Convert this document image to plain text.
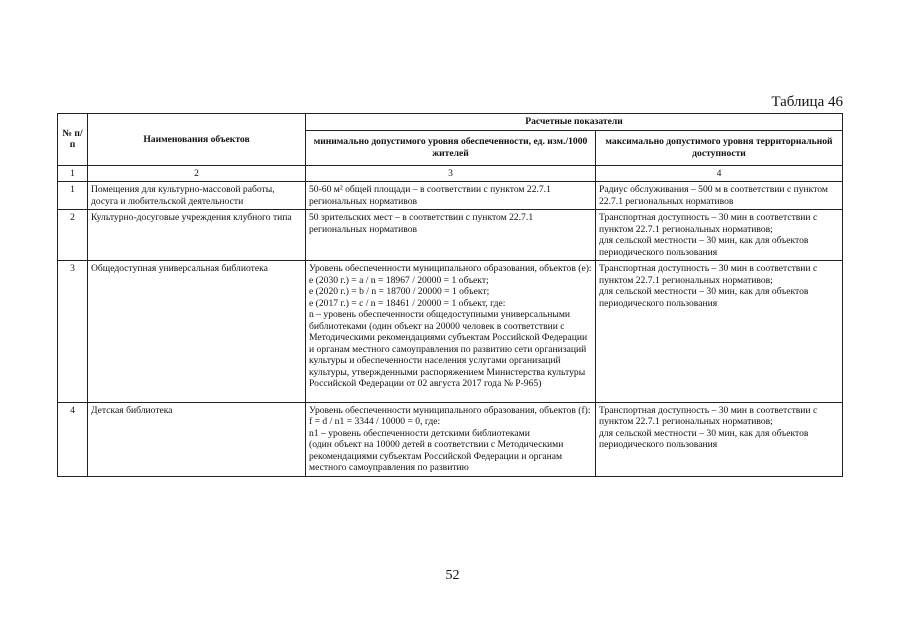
Таблица 46
№ п/п	Наименования объектов	Расчетные показатели	
		минимально допустимого уровня обеспеченности, ед. изм./1000 жителей	максимально допустимого уровня территориальной доступности
1	2	3	4
1	Помещения для культурно-массовой работы, досуга и любительской деятельности	50-60 м² общей площади – в соответствии с пунктом 22.7.1 региональных нормативов	Радиус обслуживания – 500 м в соответствии с пунктом 22.7.1 региональных нормативов

2	Культурно-досуговые учреждения клубного типа	50 зрительских мест – в соответствии с пунктом 22.7.1 региональных нормативов	Транспортная доступность – 30 мин в соответствии с пунктом 22.7.1 региональных нормативов;
для сельской местности – 30 мин, как для объектов периодического пользования

3	Общедоступная универсальная библиотека	Уровень обеспеченности муниципального образования, объектов (e):
e (2030 г.) = a / n = 18967 / 20000 = 1 объект;
e (2020 г.) = b / n = 18700 / 20000 = 1 объект;
e (2017 г.) = c / n = 18461 / 20000 = 1 объект, где:
n – уровень обеспеченности общедоступными универсальными библиотеками (один объект на 20000 человек в соответствии с Методическими рекомендациями субъектам Российской Федерации и органам местного самоуправления по развитию сети организаций культуры и обеспеченности населения услугами организаций культуры, утвержденными распоряжением Министерства культуры Российской Федерации от 02 августа 2017 года № Р-965)	Транспортная доступность – 30 мин в соответствии с пунктом 22.7.1 региональных нормативов;
для сельской местности – 30 мин, как для объектов периодического пользования

4	Детская библиотека	Уровень обеспеченности муниципального образования, объектов (f):
f = d / n1 = 3344 / 10000 = 0, где:
n1 – уровень обеспеченности детскими библиотеками
(один объект на 10000 детей в соответствии с Методическими рекомендациями субъектам Российской Федерации и органам местного самоуправления по развитию	Транспортная доступность – 30 мин в соответствии с пунктом 22.7.1 региональных нормативов;
для сельской местности – 30 мин, как для объектов периодического пользования
52
